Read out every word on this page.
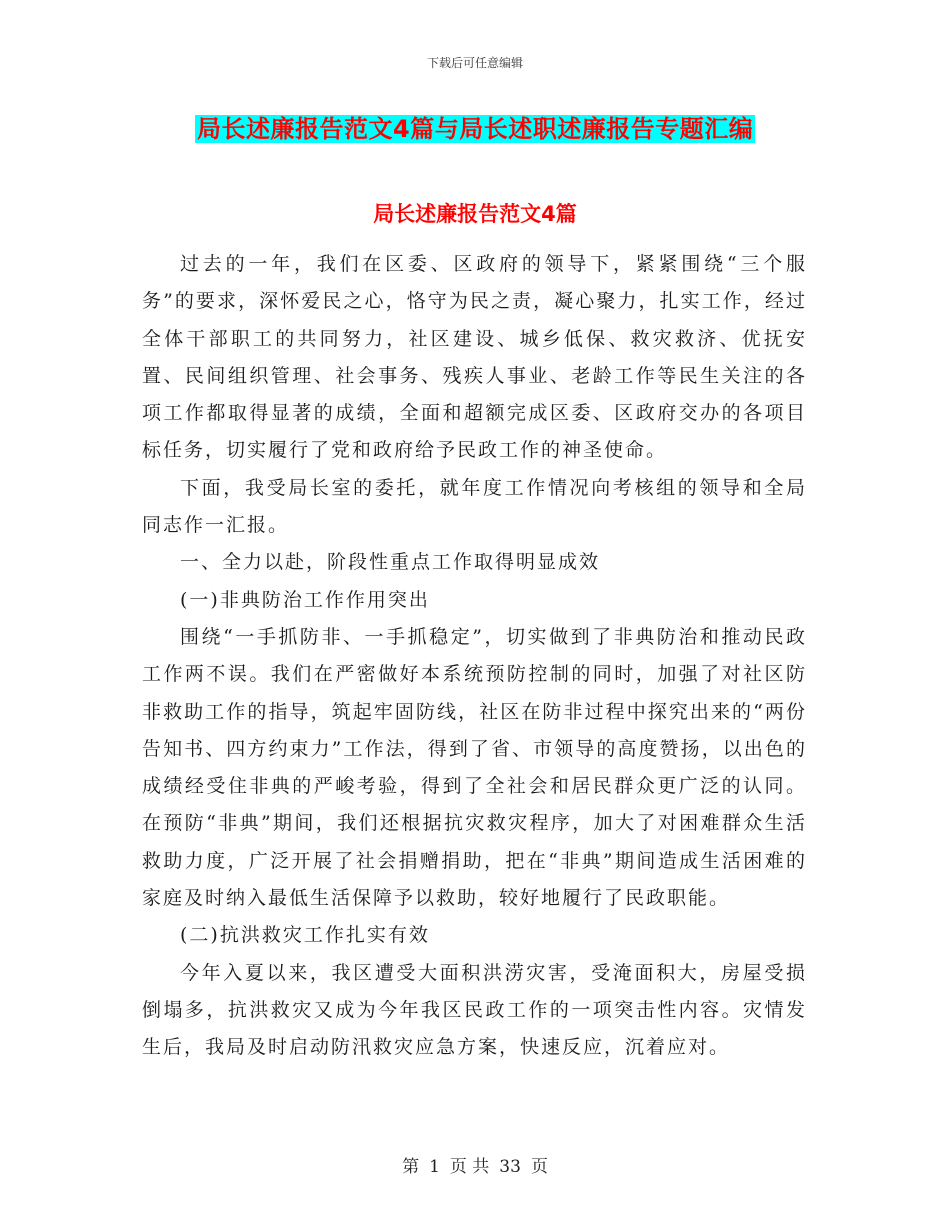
下载后可任意编辑
局长述廉报告范文4篇与局长述职述廉报告专题汇编
局长述廉报告范文4篇

过去的一年，我们在区委、区政府的领导下，紧紧围绕“三个服务”的要求，深怀爱民之心，恪守为民之责，凝心聚力，扎实工作，经过全体干部职工的共同努力，社区建设、城乡低保、救灾救济、优抚安置、民间组织管理、社会事务、残疾人事业、老龄工作等民生关注的各项工作都取得显著的成绩，全面和超额完成区委、区政府交办的各项目标任务，切实履行了党和政府给予民政工作的神圣使命。

下面，我受局长室的委托，就年度工作情况向考核组的领导和全局同志作一汇报。

一、全力以赴，阶段性重点工作取得明显成效

(一)非典防治工作作用突出

围绕“一手抓防非、一手抓稳定”，切实做到了非典防治和推动民政工作两不误。我们在严密做好本系统预防控制的同时，加强了对社区防非救助工作的指导，筑起牢固防线，社区在防非过程中探究出来的“两份告知书、四方约束力”工作法，得到了省、市领导的高度赞扬，以出色的成绩经受住非典的严峻考验，得到了全社会和居民群众更广泛的认同。在预防“非典”期间，我们还根据抗灾救灾程序，加大了对困难群众生活救助力度，广泛开展了社会捐赠捐助，把在“非典”期间造成生活困难的家庭及时纳入最低生活保障予以救助，较好地履行了民政职能。

(二)抗洪救灾工作扎实有效

今年入夏以来，我区遭受大面积洪涝灾害，受淹面积大，房屋受损倒塌多，抗洪救灾又成为今年我区民政工作的一项突击性内容。灾情发生后，我局及时启动防汛救灾应急方案，快速反应，沉着应对。

第 1 页 共 33 页
